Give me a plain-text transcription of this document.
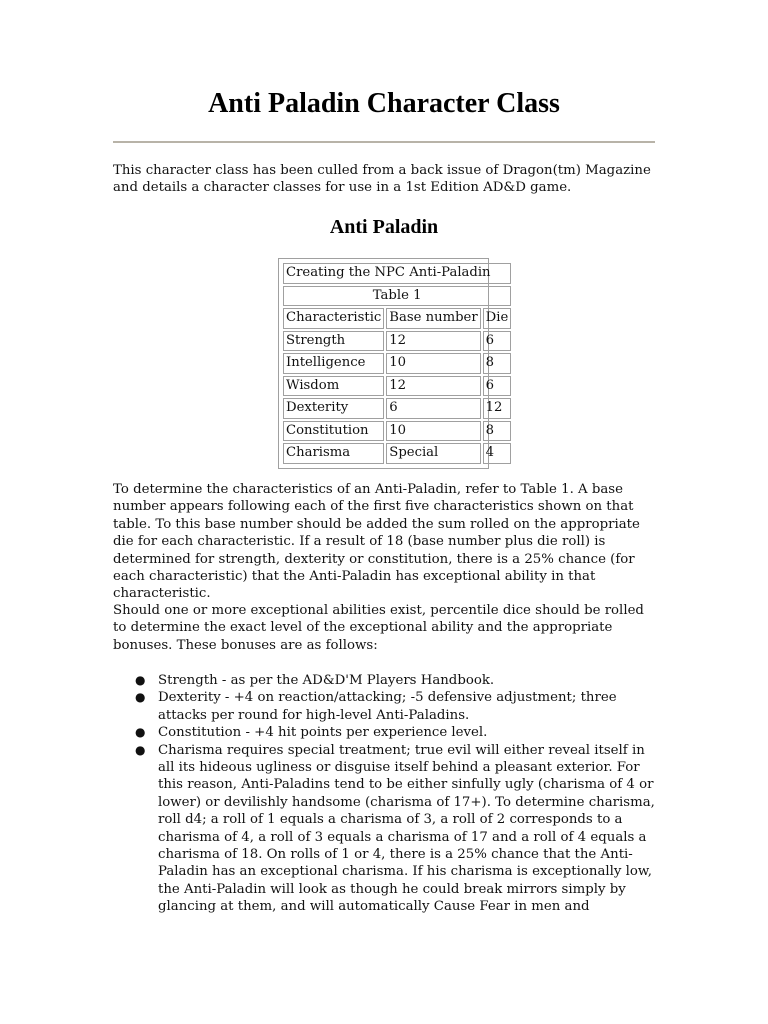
Anti Paladin Character Class

This character class has been culled from a back issue of Dragon(tm) Magazine and details a character classes for use in a 1st Edition AD&D game.

Anti Paladin
Creating the NPC Anti-Paladin		
Table 1		
Characteristic	Base number	Die
Strength	12	6
Intelligence	10	8
Wisdom	12	6
Dexterity	6	12
Constitution	10	8
Charisma	Special	4

To determine the characteristics of an Anti-Paladin, refer to Table 1. A base number appears following each of the first five characteristics shown on that table. To this base number should be added the sum rolled on the appropriate die for each characteristic. If a result of 18 (base number plus die roll) is determined for strength, dexterity or constitution, there is a 25% chance (for each characteristic) that the Anti-Paladin has exceptional ability in that characteristic.

Should one or more exceptional abilities exist, percentile dice should be rolled to determine the exact level of the exceptional ability and the appropriate bonuses. These bonuses are as follows:

● Strength - as per the AD&D'M Players Handbook.
● Dexterity - +4 on reaction/attacking; -5 defensive adjustment; three attacks per round for high-level Anti-Paladins.
● Constitution - +4 hit points per experience level.
● Charisma requires special treatment; true evil will either reveal itself in all its hideous ugliness or disguise itself behind a pleasant exterior. For this reason, Anti-Paladins tend to be either sinfully ugly (charisma of 4 or lower) or devilishly handsome (charisma of 17+). To determine charisma, roll d4; a roll of 1 equals a charisma of 3, a roll of 2 corresponds to a charisma of 4, a roll of 3 equals a charisma of 17 and a roll of 4 equals a charisma of 18. On rolls of 1 or 4, there is a 25% chance that the Anti-Paladin has an exceptional charisma. If his charisma is exceptionally low, the Anti-Paladin will look as though he could break mirrors simply by glancing at them, and will automatically Cause Fear in men and
